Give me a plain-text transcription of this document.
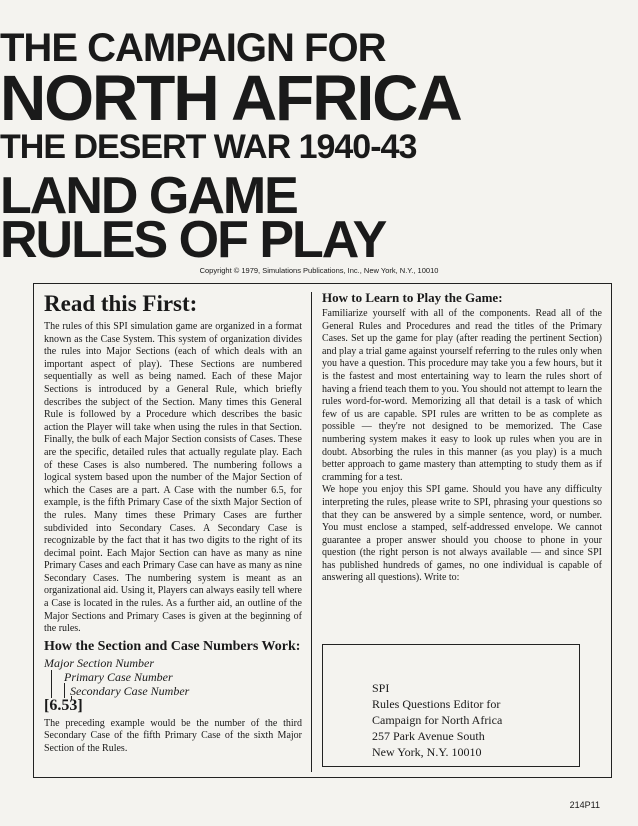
THE CAMPAIGN FOR
NORTH AFRICA
THE DESERT WAR 1940-43
LAND GAME
RULES OF PLAY
Copyright © 1979, Simulations Publications, Inc., New York, N.Y., 10010
Read this First:

The rules of this SPI simulation game are organized in a format known as the Case System. This system of organization divides the rules into Major Sections (each of which deals with an important aspect of play). These Sections are numbered sequentially as well as being named. Each of these Major Sections is introduced by a General Rule, which briefly describes the subject of the Section. Many times this General Rule is followed by a Procedure which describes the basic action the Player will take when using the rules in that Section. Finally, the bulk of each Major Section consists of Cases. These are the specific, detailed rules that actually regulate play. Each of these Cases is also numbered. The numbering follows a logical system based upon the number of the Major Section of which the Cases are a part. A Case with the number 6.5, for example, is the fifth Primary Case of the sixth Major Section of the rules. Many times these Primary Cases are further subdivided into Secondary Cases. A Secondary Case is recognizable by the fact that it has two digits to the right of its decimal point. Each Major Section can have as many as nine Primary Cases and each Primary Case can have as many as nine Secondary Cases. The numbering system is meant as an organizational aid. Using it, Players can always easily tell where a Case is located in the rules. As a further aid, an outline of the Major Sections and Primary Cases is given at the beginning of the rules.

How the Section and Case Numbers Work:
Major Section Number
Primary Case Number
Secondary Case Number
[6.53]

The preceding example would be the number of the third Secondary Case of the fifth Primary Case of the sixth Major Section of the Rules.

How to Learn to Play the Game:

Familiarize yourself with all of the components. Read all of the General Rules and Procedures and read the titles of the Primary Cases. Set up the game for play (after reading the pertinent Section) and play a trial game against yourself referring to the rules only when you have a question. This procedure may take you a few hours, but it is the fastest and most entertaining way to learn the rules short of having a friend teach them to you. You should not attempt to learn the rules word-for-word. Memorizing all that detail is a task of which few of us are capable. SPI rules are written to be as complete as possible — they're not designed to be memorized. The Case numbering system makes it easy to look up rules when you are in doubt. Absorbing the rules in this manner (as you play) is a much better approach to game mastery than attempting to study them as if cramming for a test.

We hope you enjoy this SPI game. Should you have any difficulty interpreting the rules, please write to SPI, phrasing your questions so that they can be answered by a simple sentence, word, or number. You must enclose a stamped, self-addressed envelope. We cannot guarantee a proper answer should you choose to phone in your question (the right person is not always available — and since SPI has published hundreds of games, no one individual is capable of answering all questions). Write to:

SPI
Rules Questions Editor for
Campaign for North Africa
257 Park Avenue South
New York, N.Y. 10010
214P11
